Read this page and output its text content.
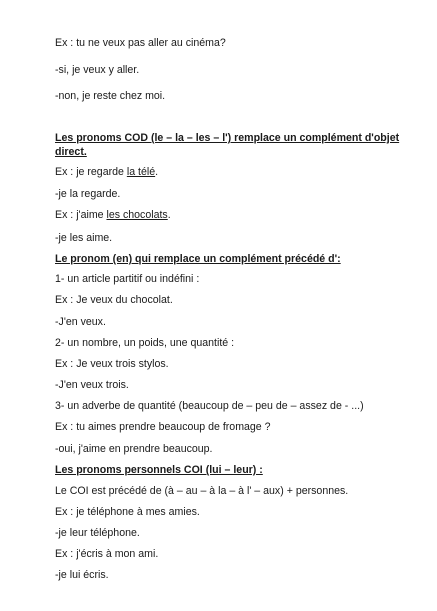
Ex : tu ne veux pas aller au cinéma?
-si, je veux y aller.
-non, je reste chez moi.
Les pronoms COD (le – la – les – l') remplace un complément d'objet
direct.
Ex : je regarde la télé.
-je la regarde.
Ex : j'aime les chocolats.
-je les aime.
Le pronom (en) qui remplace un complément précédé d':
1- un article partitif ou indéfini :
Ex : Je veux du chocolat.
-J'en veux.
2- un nombre, un poids, une quantité :
Ex : Je veux trois stylos.
-J'en veux trois.
3- un adverbe de quantité (beaucoup de – peu de – assez de - ...)
Ex : tu aimes prendre beaucoup de fromage ?
-oui, j'aime en prendre beaucoup.
Les pronoms personnels COI (lui – leur) :
Le COI est précédé de (à – au – à la – à l' – aux) + personnes.
Ex : je téléphone à mes amies.
-je leur téléphone.
Ex : j'écris à mon ami.
-je lui écris.
